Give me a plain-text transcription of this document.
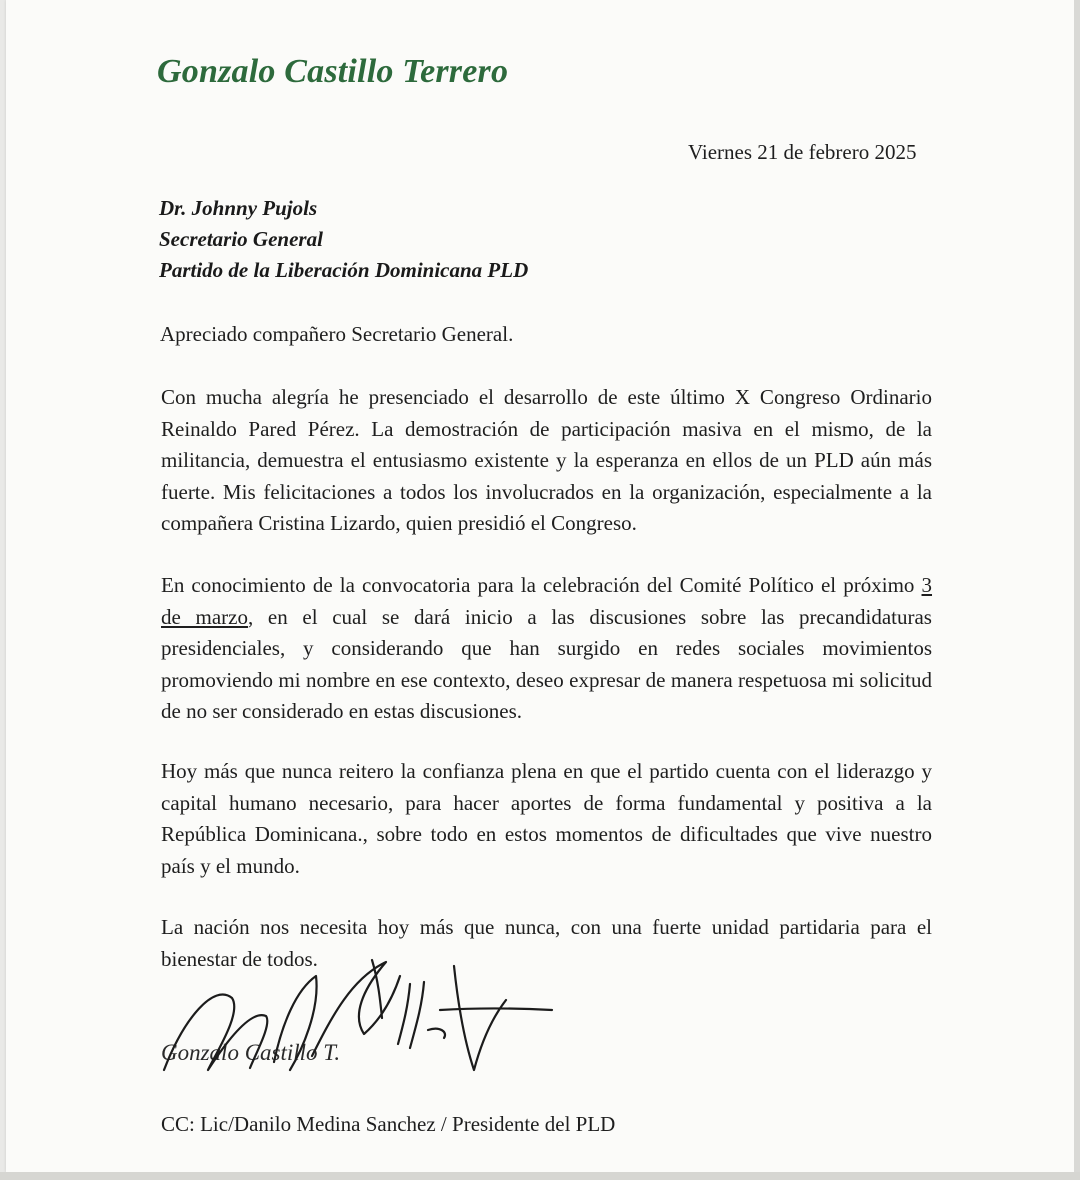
Gonzalo Castillo Terrero
Viernes 21 de febrero 2025
Dr. Johnny Pujols
Secretario General
Partido de la Liberación Dominicana PLD
Apreciado compañero Secretario General.

Con mucha alegría he presenciado el desarrollo de este último X Congreso Ordinario Reinaldo Pared Pérez. La demostración de participación masiva en el mismo, de la militancia, demuestra el entusiasmo existente y la esperanza en ellos de un PLD aún más fuerte. Mis felicitaciones a todos los involucrados en la organización, especialmente a la compañera Cristina Lizardo, quien presidió el Congreso.

En conocimiento de la convocatoria para la celebración del Comité Político el próximo 3 de marzo, en el cual se dará inicio a las discusiones sobre las precandidaturas presidenciales, y considerando que han surgido en redes sociales movimientos promoviendo mi nombre en ese contexto, deseo expresar de manera respetuosa mi solicitud de no ser considerado en estas discusiones.

Hoy más que nunca reitero la confianza plena en que el partido cuenta con el liderazgo y capital humano necesario, para hacer aportes de forma fundamental y positiva a la República Dominicana., sobre todo en estos momentos de dificultades que vive nuestro país y el mundo.

La nación nos necesita hoy más que nunca, con una fuerte unidad partidaria para el bienestar de todos.

Gonzalo Castillo T.
CC: Lic/Danilo Medina Sanchez / Presidente del PLD
